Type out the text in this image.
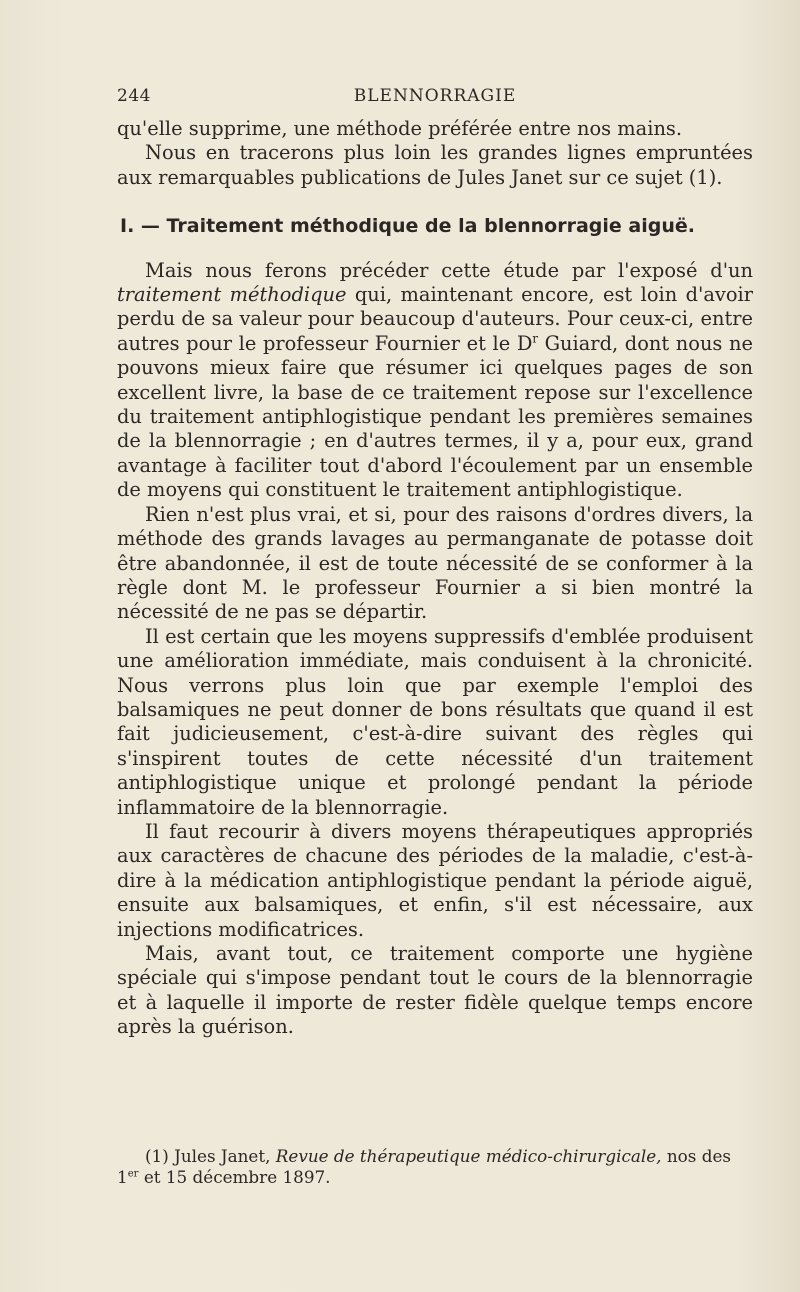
244	BLENNORRAGIE

qu'elle supprime, une méthode préférée entre nos mains.

Nous en tracerons plus loin les grandes lignes empruntées aux remarquables publications de Jules Janet sur ce sujet (1).

I. — Traitement méthodique de la blennorragie aiguë.

Mais nous ferons précéder cette étude par l'exposé d'un traitement méthodique qui, maintenant encore, est loin d'avoir perdu de sa valeur pour beaucoup d'auteurs. Pour ceux-ci, entre autres pour le professeur Fournier et le $D^r$ Guiard, dont nous ne pouvons mieux faire que résumer ici quelques pages de son excellent livre, la base de ce traitement repose sur l'excellence du traitement antiphlogistique pendant les premières semaines de la blennorragie ; en d'autres termes, il y a, pour eux, grand avantage à faciliter tout d'abord l'écoulement par un ensemble de moyens qui constituent le traitement antiphlogistique.

Rien n'est plus vrai, et si, pour des raisons d'ordres divers, la méthode des grands lavages au permanganate de potasse doit être abandonnée, il est de toute nécessité de se conformer à la règle dont M. le professeur Fournier a si bien montré la nécessité de ne pas se départir.

Il est certain que les moyens suppressifs d'emblée produisent une amélioration immédiate, mais conduisent à la chronicité. Nous verrons plus loin que par exemple l'emploi des balsamiques ne peut donner de bons résultats que quand il est fait judicieusement, c'est-à-dire suivant des règles qui s'inspirent toutes de cette nécessité d'un traitement antiphlogistique unique et prolongé pendant la période inflammatoire de la blennorragie.

Il faut recourir à divers moyens thérapeutiques appropriés aux caractères de chacune des périodes de la maladie, c'est-à-dire à la médication antiphlogistique pendant la période aiguë, ensuite aux balsamiques, et enfin, s'il est nécessaire, aux injections modificatrices.

Mais, avant tout, ce traitement comporte une hygiène spéciale qui s'impose pendant tout le cours de la blennorragie et à laquelle il importe de rester fidèle quelque temps encore après la guérison.

(1) Jules Janet, Revue de thérapeutique médico-chirurgicale, nos des 1er et 15 décembre 1897.
